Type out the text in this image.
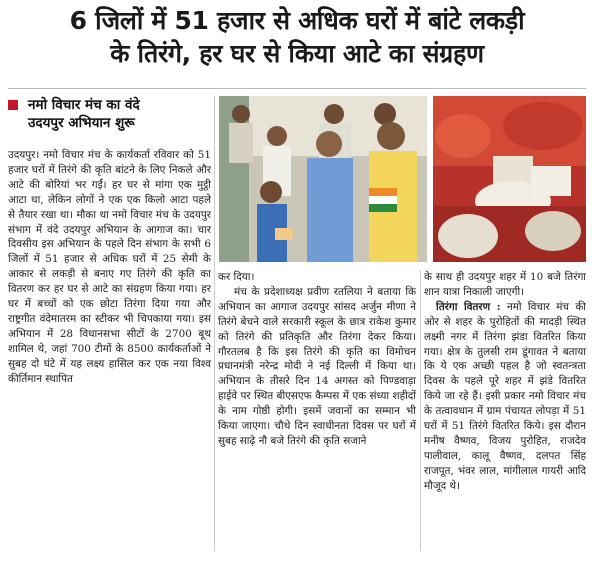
6 जिलों में 51 हजार से अधिक घरों में बांटे लकड़ी
के तिरंगे, हर घर से किया आटे का संग्रहण
नमो विचार मंच का वंदे
उदयपुर अभियान शुरू

उदयपुर। नमो विचार मंच के कार्यकर्ता रविवार को 51 हजार घरों में तिरंगे की कृति बांटने के लिए निकले और आटे की बोरियां भर गईं। हर घर से मांगा एक मुट्ठी आटा था, लेकिन लोगों ने एक एक किलो आटा पहले से तैयार रखा था। मौका था नमो विचार मंच के उदयपुर संभाग में वंदे उदयपुर अभियान के आगाज का। चार दिवसीय इस अभियान के पहले दिन संभाग के सभी 6 जिलों में 51 हजार से अधिक घरों में 25 सेमी के आकार से लकड़ी से बनाए गए तिरंगे की कृति का वितरण कर हर घर से आटे का संग्रहण किया गया। हर घर में बच्चों को एक छोटा तिरंगा दिया गया और राष्ट्रगीत वंदेमातरम का स्टीकर भी चिपकाया गया। इस अभियान में 28 विधानसभा सीटों के 2700 बूथ शामिल थे, जहां 700 टीमों के 8500 कार्यकर्ताओं ने सुबह दो घंटे में यह लक्ष्य हासिल कर एक नया विश्व कीर्तिमान स्थापित

कर दिया।

मंच के प्रदेशाध्यक्ष प्रवीण रतलिया ने बताया कि अभियान का आगाज उदयपुर सांसद अर्जुन मीणा ने तिरंगे बेचने वाले सरकारी स्कूल के छात्र राकेश कुमार को तिरंगे की प्रतिकृति और तिरंगा देकर किया। गौरतलब है कि इस तिरंगे की कृति का विमोचन प्रधानमंत्री नरेन्द्र मोदी ने नई दिल्ली में किया था। अभियान के तीसरे दिन 14 अगस्त को पिण्डवाड़ा हाईवे पर स्थित बीएसएफ कैम्पस में एक संध्या शहीदों के नाम गोष्ठी होगी। इसमें जवानों का सम्मान भी किया जाएगा। चौथे दिन स्वाधीनता दिवस पर घरों में सुबह साढ़े नौ बजे तिरंगे की कृति सजाने

के साथ ही उदयपुर शहर में 10 बजे तिरंगा शान यात्रा निकाली जाएगी।

तिरंगा वितरण : नमो विचार मंच की ओर से शहर के पुरोहितों की मादड़ी स्थित लक्ष्मी नगर में तिरंगा झंडा वितरित किया गया। क्षेत्र के तुलसी राम डूंगावत ने बताया कि ये एक अच्छी पहल है जो स्वतन्त्रता दिवस के पहले पूरे शहर में झंडे वितरित किये जा रहे हैं। इसी प्रकार नमो विचार मंच के तत्वावधान में ग्राम पंचायत लोपड़ा में 51 घरों में 51 तिरंगे वितरित किये। इस दौरान मनीष वैष्णव, विजय पुरोहित, राजदेव पालीवाल, कालू वैष्णव, दलपत सिंह राजपूत, भंवर लाल, मांगीलाल गायरी आदि मौजूद थे।
